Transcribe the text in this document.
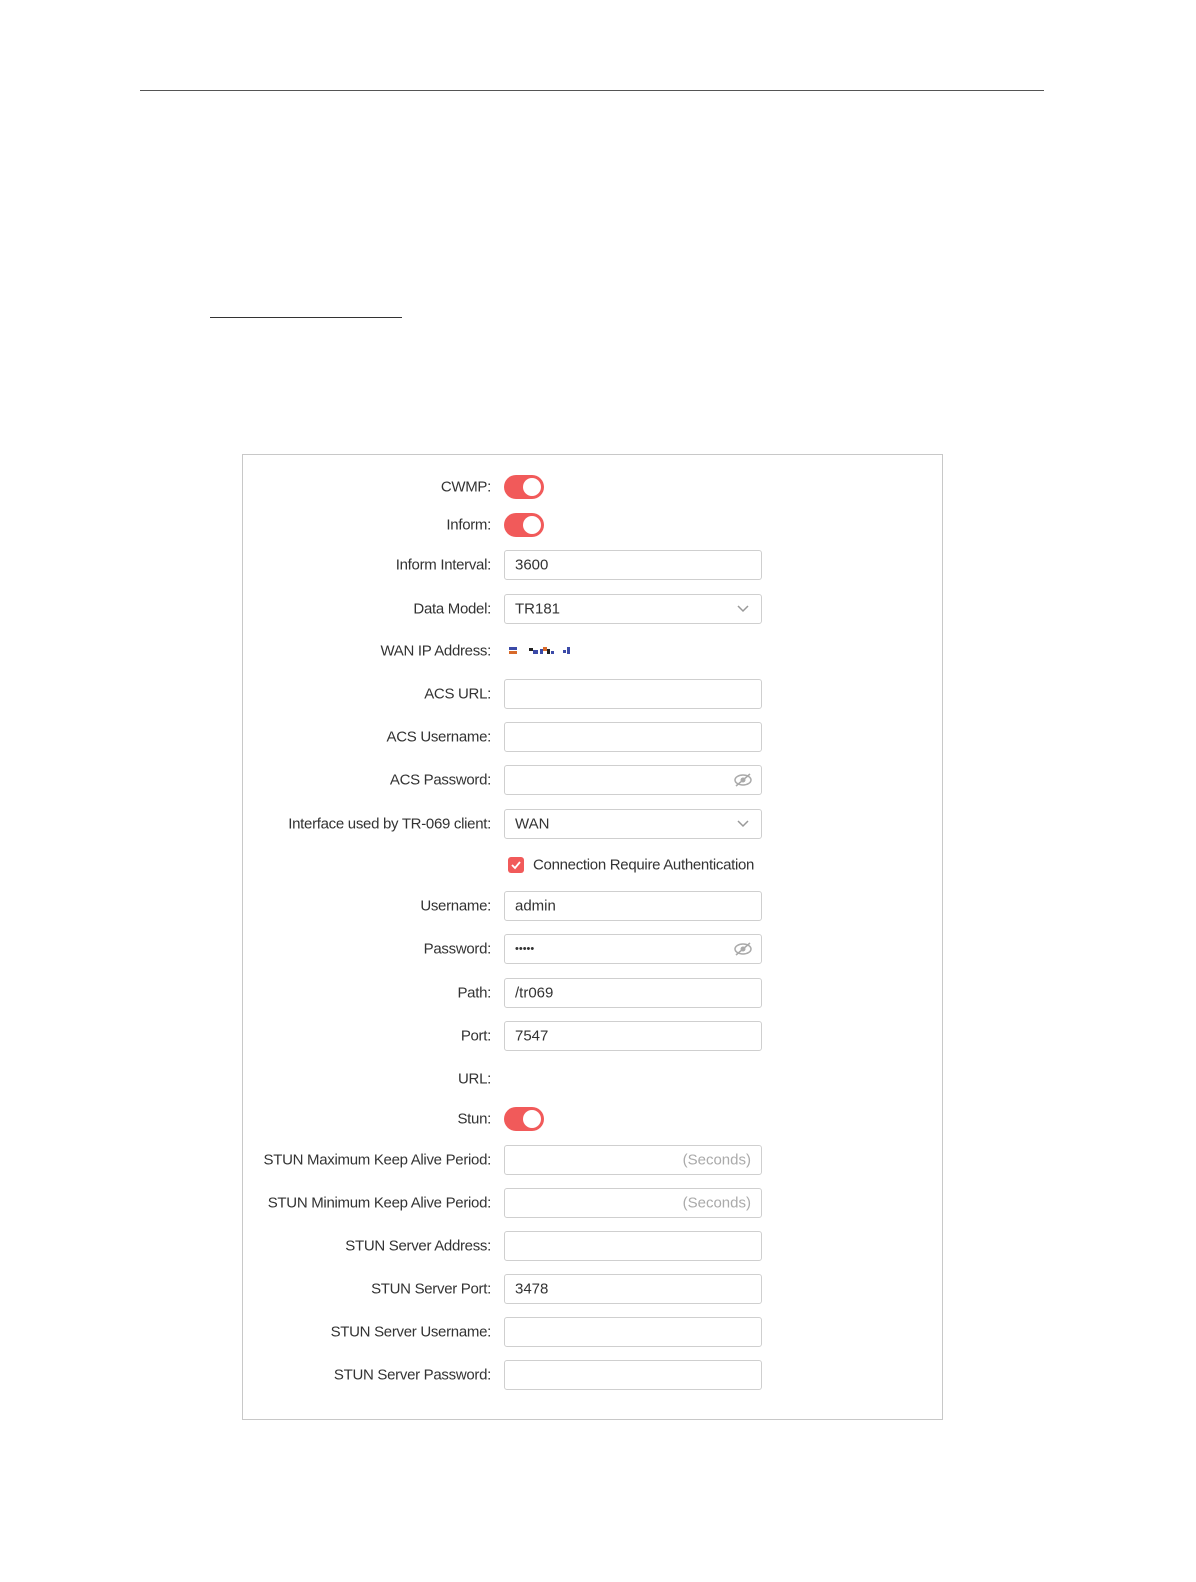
CWMP:
Inform:
Inform Interval: 3600
Data Model: TR181
WAN IP Address:
ACS URL:
ACS Username:
ACS Password:
Interface used by TR-069 client: WAN
Connection Require Authentication
Username: admin
Password: •••••
Path: /tr069
Port: 7547
URL:
Stun:
STUN Maximum Keep Alive Period:	(Seconds)
STUN Minimum Keep Alive Period:	(Seconds)
STUN Server Address:
STUN Server Port: 3478
STUN Server Username:
STUN Server Password:
